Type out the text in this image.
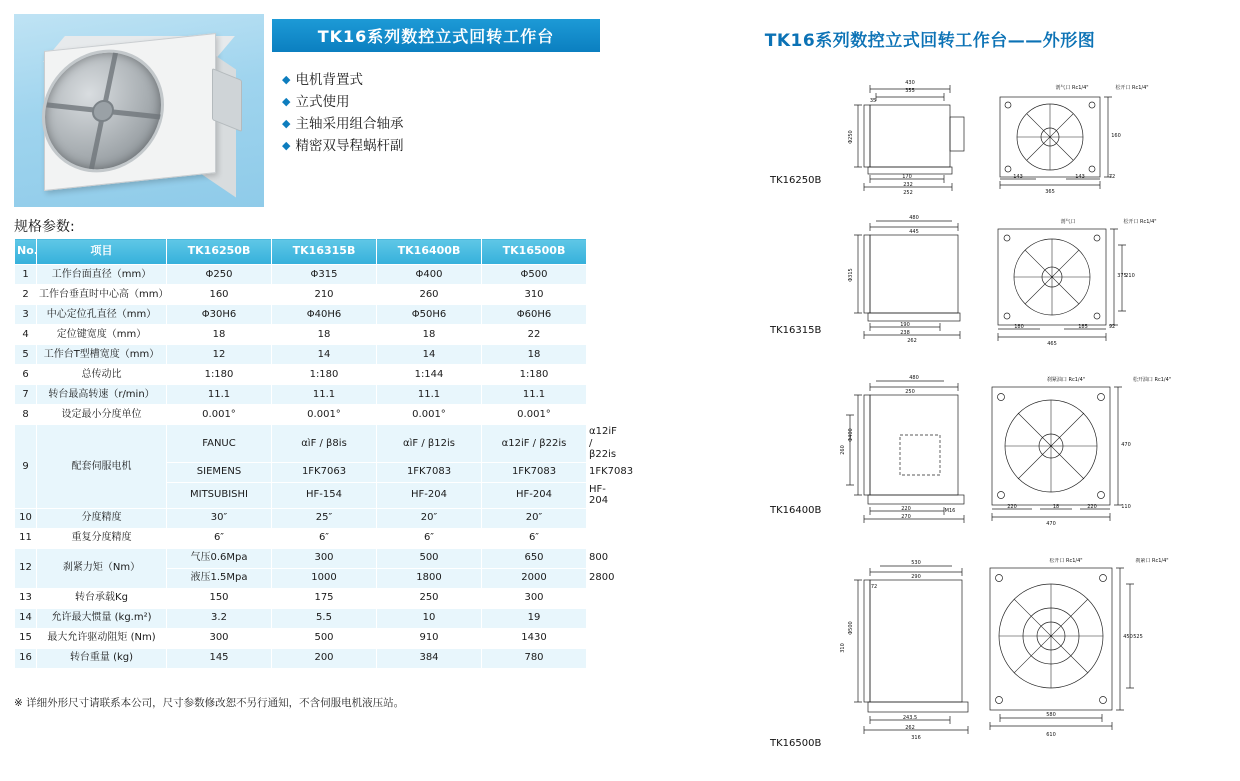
TK16系列数控立式回转工作台
◆ 电机背置式
◆ 立式使用
◆ 主轴采用组合轴承
◆ 精密双导程蜗杆副
规格参数:
No.	项目	TK16250B	TK16315B	TK16400B	TK16500B	
1	工作台面直径（mm）	Φ250	Φ315	Φ400	Φ500	
2	工作台垂直时中心高（mm）	160	210	260	310	
3	中心定位孔直径（mm）	Φ30H6	Φ40H6	Φ50H6	Φ60H6	
4	定位键宽度（mm）	18	18	18	22	
5	工作台T型槽宽度（mm）	12	14	14	18	
6	总传动比	1:180	1:180	1:144	1:180	
7	转台最高转速（r/min）	11.1	11.1	11.1	11.1	
8	设定最小分度单位	0.001°	0.001°	0.001°	0.001°	
9	配套伺服电机	FANUC	αìF / β8is	αìF / β12is	α12iF / β22is	α12iF / β22is
		SIEMENS	1FK7063	1FK7083	1FK7083	1FK7083
		MITSUBISHI	HF-154	HF-204	HF-204	HF-204
10	分度精度	30″	25″	20″	20″	
11	重复分度精度	6″	6″	6″	6″	
12	刹紧力矩（Nm）	气压0.6Mpa	300	500	650	800
		液压1.5Mpa	1000	1800	2000	2800
13	转台承载Kg	150	175	250	300	
14	允许最大惯量 (kg.m²)	3.2	5.5	10	19	
15	最大允许驱动阻矩 (Nm)	300	500	910	1430	
16	转台重量 (kg)	145	200	384	780	
※ 详细外形尺寸请联系本公司，尺寸参数修改恕不另行通知，不含伺服电机液压站。
TK16系列数控立式回转工作台——外形图
TK16250B
430
355
35
170
232
252	365
143	143	72
160
Φ250
剖气口 Rc1/4"	松开口 Rc1/4"
TK16315B
480
445
190
238
262	465
180	185	92
375
210
Φ315
剖气口	松开口 Rc1/4"
TK16400B
480
250
220
270
M16
470
220	18	220	110
470
Φ400
260
刹紧油口 Rc1/4"	松开油口 Rc1/4"
TK16500B
530
290
72
243.5
262
316	610
580
450 525
Φ500
310
松开口 Rc1/4"	刹紧口 Rc1/4"
